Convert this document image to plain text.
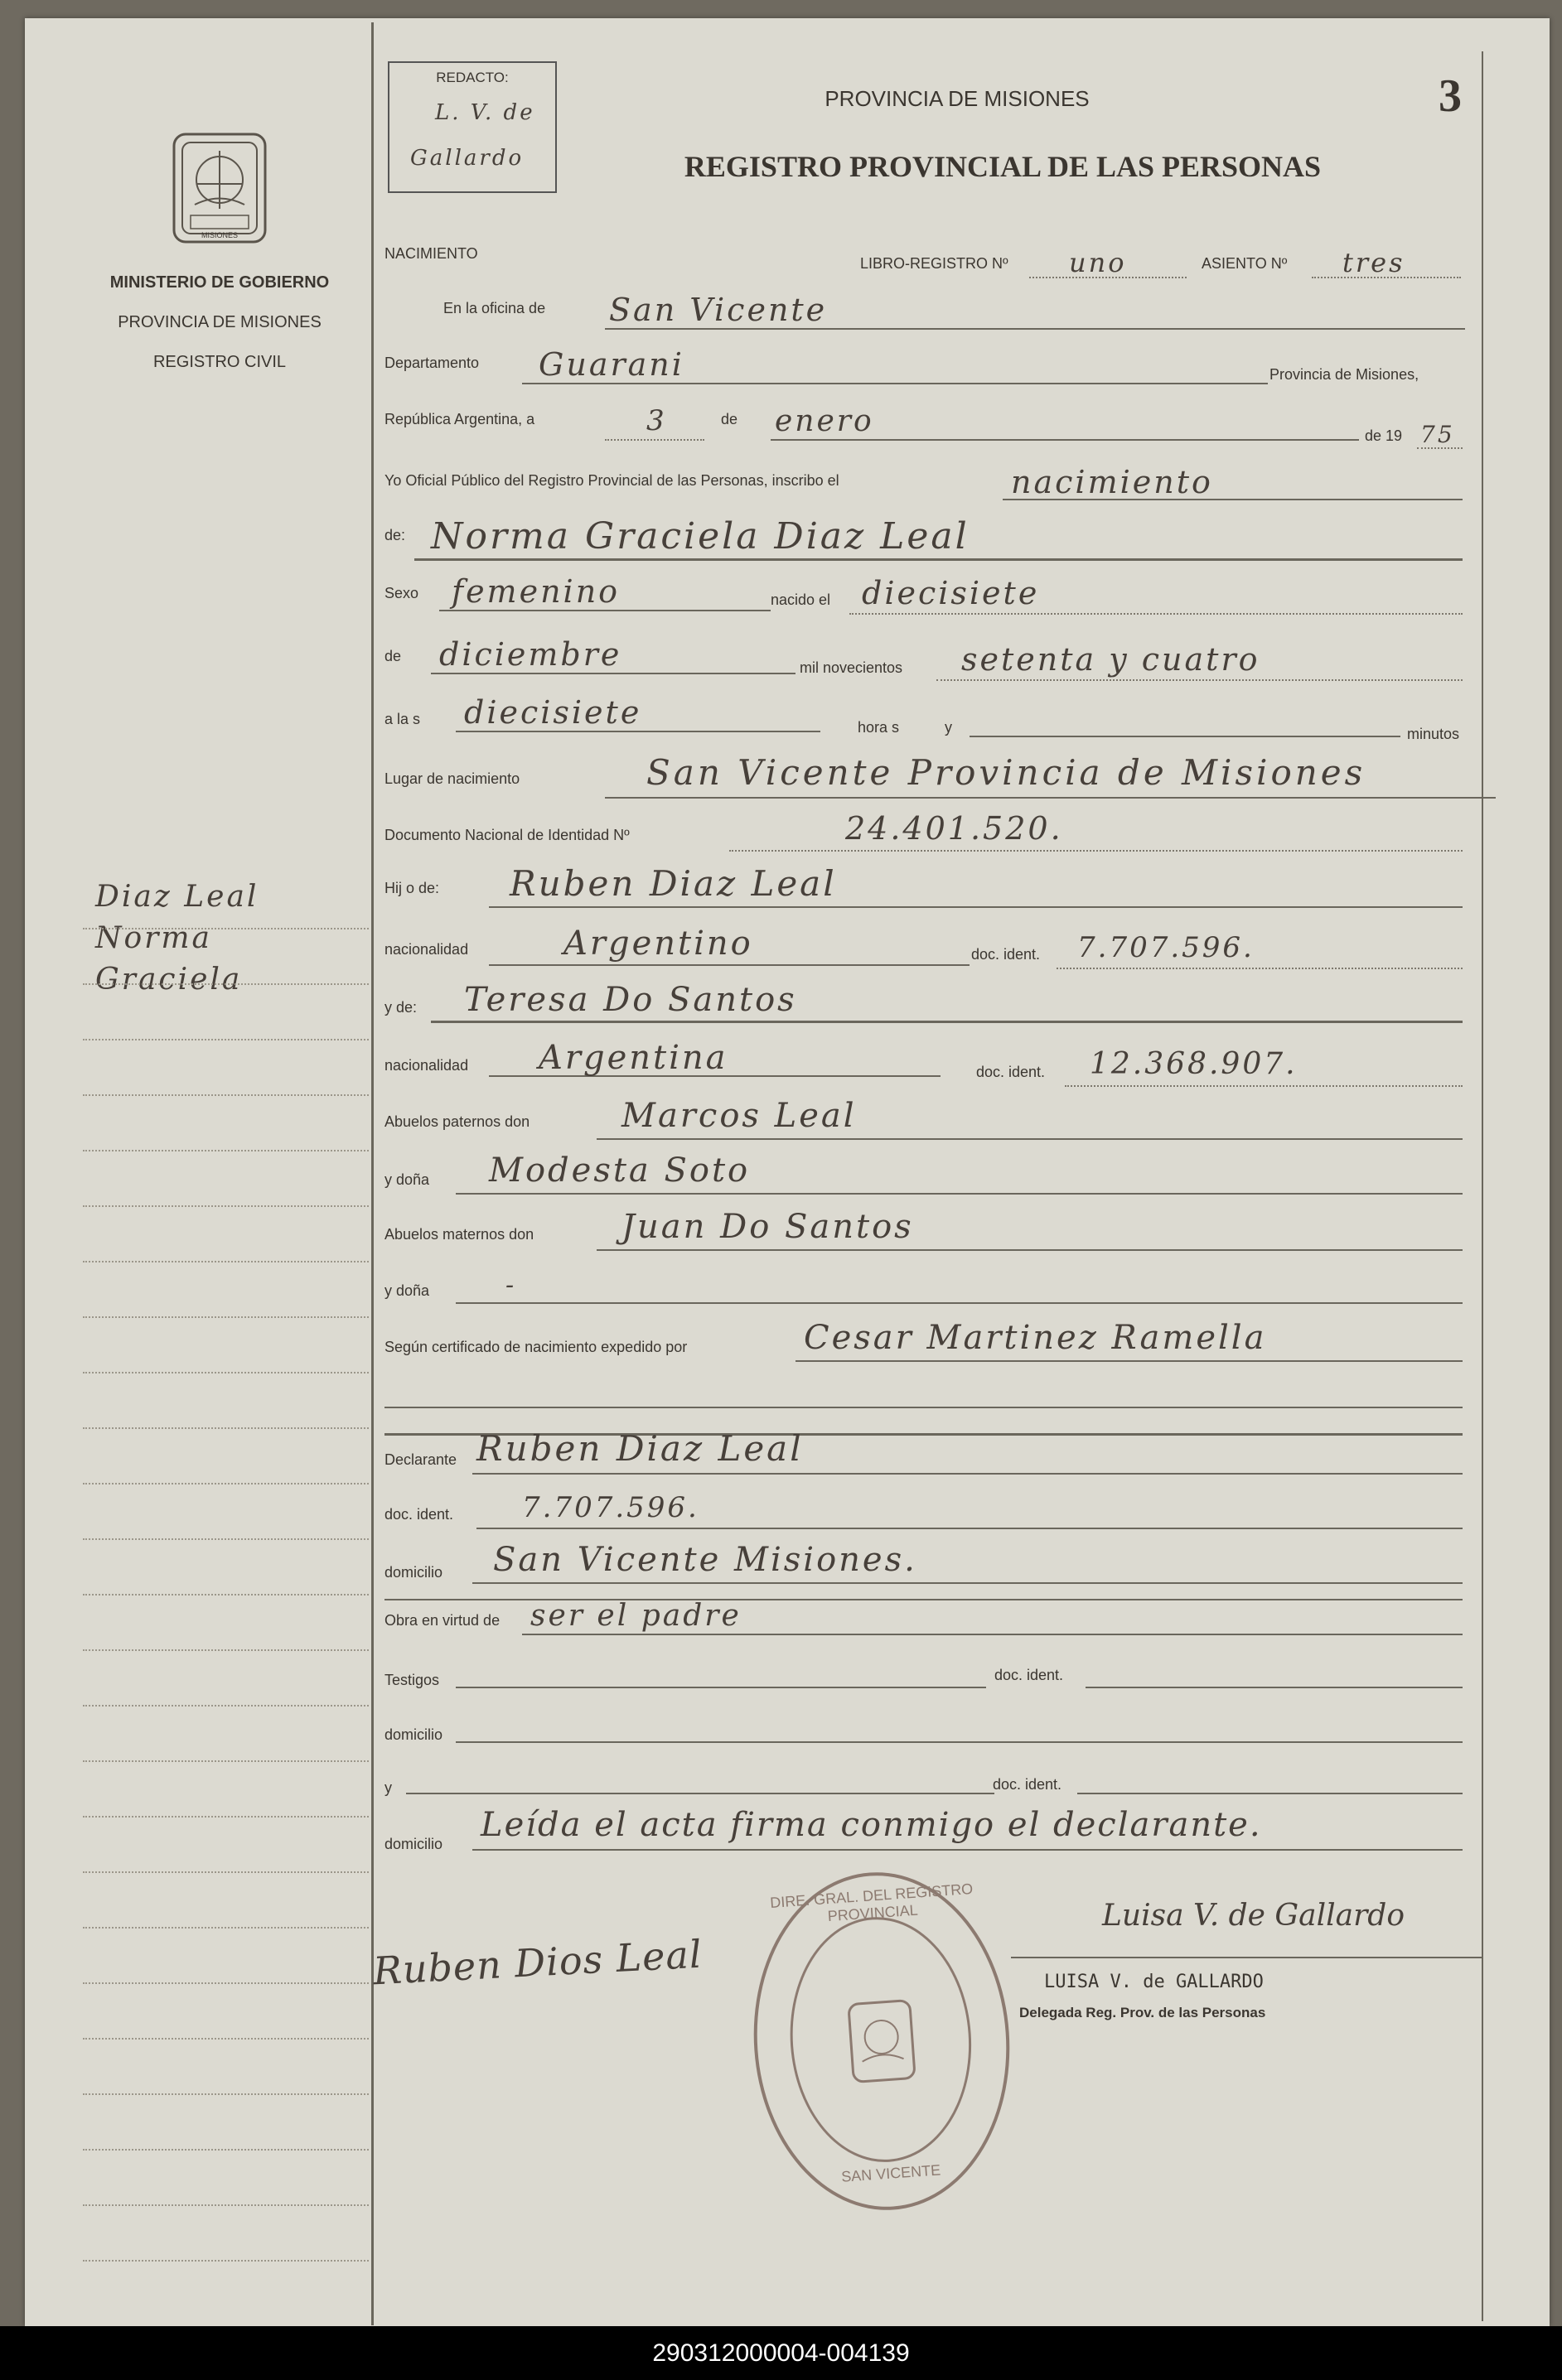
MISIONES
MINISTERIO DE GOBIERNO
PROVINCIA DE MISIONES
REGISTRO CIVIL
Diaz Leal
Norma
Graciela
REDACTO:
L. V. de
Gallardo
PROVINCIA DE MISIONES
REGISTRO PROVINCIAL DE LAS PERSONAS
3
NACIMIENTO
LIBRO-REGISTRO Nº uno	ASIENTO Nº tres
En la oficina de San Vicente
Departamento Guarani	Provincia de Misiones,
República Argentina, a	3	de enero	de 19 75
Yo Oficial Público del Registro Provincial de las Personas, inscribo el	nacimiento
de: Norma Graciela Diaz Leal
Sexo femenino	nacido el diecisiete
de diciembre	mil novecientos setenta y cuatro
a la s diecisiete	hora s	y	minutos
Lugar de nacimiento	San Vicente Provincia de Misiones
Documento Nacional de Identidad Nº	24.401.520.
Hij o de: Ruben Diaz Leal
nacionalidad	Argentino	doc. ident. 7.707.596.
y de: Teresa Do Santos
nacionalidad Argentina	doc. ident. 12.368.907.
Abuelos paternos don	Marcos Leal
y doña Modesta Soto
Abuelos maternos don	Juan Do Santos
y doña	-
Según certificado de nacimiento expedido por	Cesar Martinez Ramella
Declarante Ruben Diaz Leal
doc. ident. 7.707.596.
domicilio San Vicente Misiones.
Obra en virtud de ser el padre
Testigos	doc. ident.
domicilio
y	doc. ident.
domicilio Leída el acta firma conmigo el declarante.
Ruben Dios Leal
DIRE. GRAL. DEL REGISTRO PROVINCIAL
SAN VICENTE
Luisa V. de Gallardo
LUISA V. de GALLARDO
Delegada Reg. Prov. de las Personas
290312000004-004139
